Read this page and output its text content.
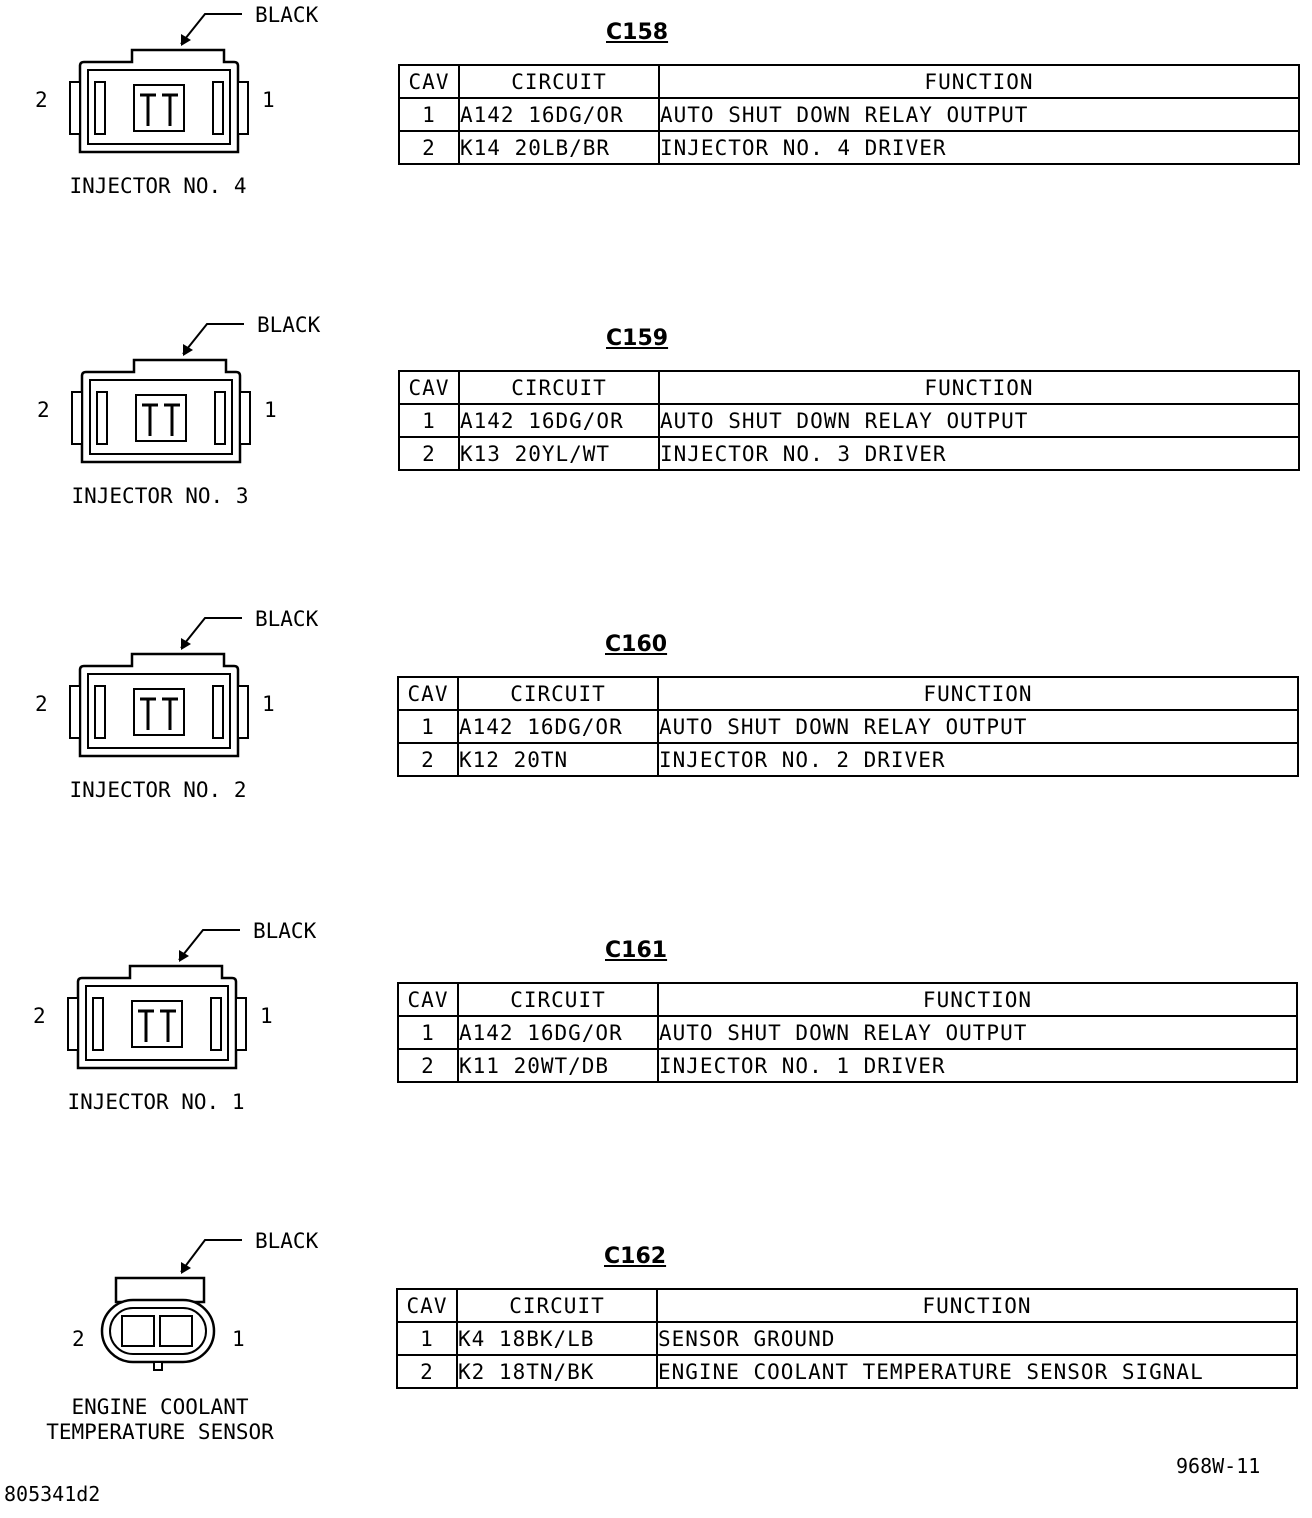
BLACK
2	1
INJECTOR NO. 4
C158
CAV	CIRCUIT	FUNCTION
1	A142 16DG/OR	AUTO SHUT DOWN RELAY OUTPUT
2	K14 20LB/BR	INJECTOR NO. 4 DRIVER
BLACK
2	1
INJECTOR NO. 3
C159
CAV	CIRCUIT	FUNCTION
1	A142 16DG/OR	AUTO SHUT DOWN RELAY OUTPUT
2	K13 20YL/WT	INJECTOR NO. 3 DRIVER
BLACK
2	1
INJECTOR NO. 2
C160
CAV	CIRCUIT	FUNCTION
1	A142 16DG/OR	AUTO SHUT DOWN RELAY OUTPUT
2	K12 20TN	INJECTOR NO. 2 DRIVER
BLACK
2	1
INJECTOR NO. 1
C161
CAV	CIRCUIT	FUNCTION
1	A142 16DG/OR	AUTO SHUT DOWN RELAY OUTPUT
2	K11 20WT/DB	INJECTOR NO. 1 DRIVER
BLACK
2	1
ENGINE COOLANT
TEMPERATURE SENSOR
C162
CAV	CIRCUIT	FUNCTION
1	K4 18BK/LB	SENSOR GROUND
2	K2 18TN/BK	ENGINE COOLANT TEMPERATURE SENSOR SIGNAL
968W-11
805341d2
